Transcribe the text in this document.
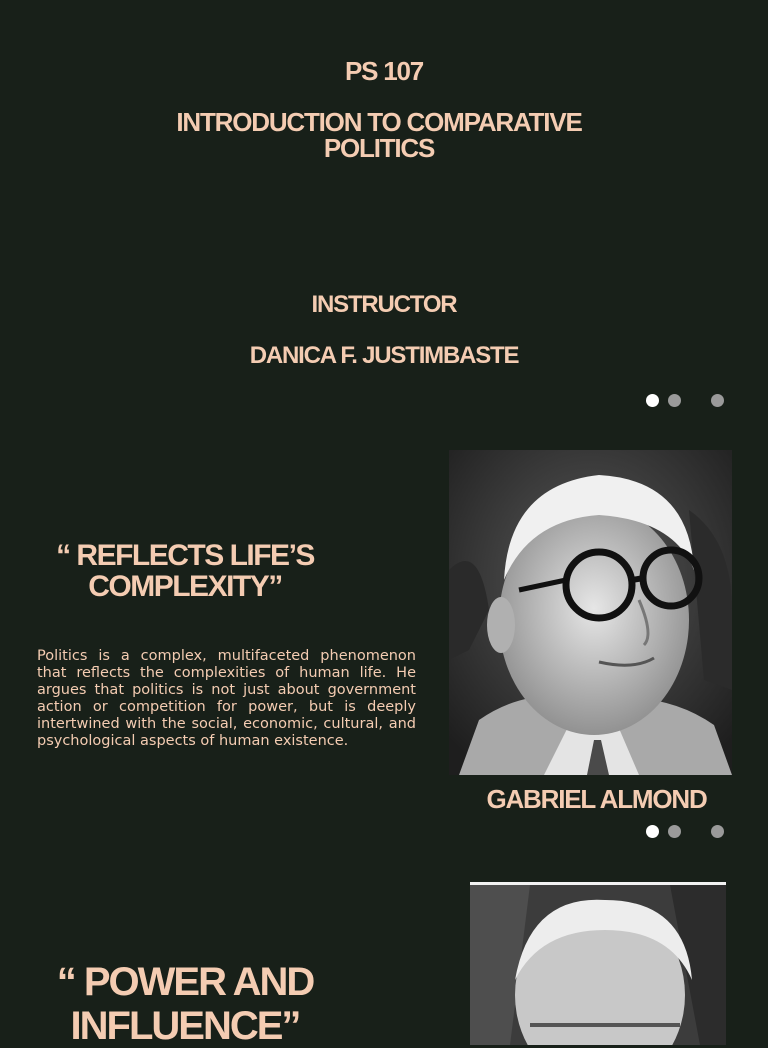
PS 107
INTRODUCTION TO COMPARATIVE POLITICS
INSTRUCTOR
DANICA F. JUSTIMBASTE
“ REFLECTS LIFE’S COMPLEXITY”
Politics is a complex, multifaceted phenomenon that reflects the complexities of human life. He argues that politics is not just about government action or competition for power, but is deeply intertwined with the social, economic, cultural, and psychological aspects of human existence.
GABRIEL ALMOND
“ POWER AND INFLUENCE”
